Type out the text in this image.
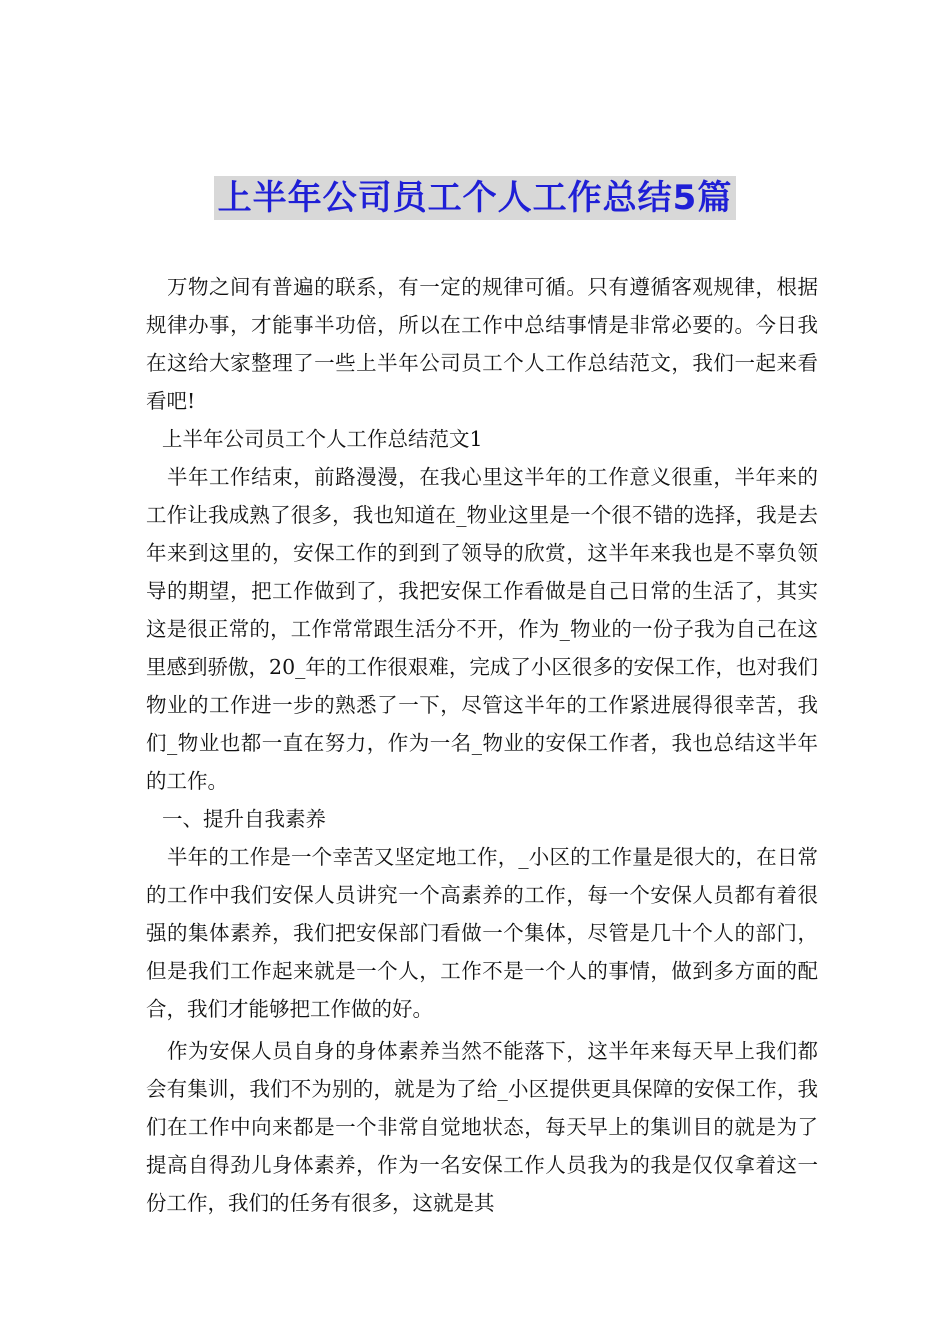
上半年公司员工个人工作总结5篇

万物之间有普遍的联系，有一定的规律可循。只有遵循客观规律，根据规律办事，才能事半功倍，所以在工作中总结事情是非常必要的。今日我在这给大家整理了一些上半年公司员工个人工作总结范文，我们一起来看看吧!

上半年公司员工个人工作总结范文1

半年工作结束，前路漫漫，在我心里这半年的工作意义很重，半年来的工作让我成熟了很多，我也知道在_物业这里是一个很不错的选择，我是去年来到这里的，安保工作的到到了领导的欣赏，这半年来我也是不辜负领导的期望，把工作做到了，我把安保工作看做是自己日常的生活了，其实这是很正常的，工作常常跟生活分不开，作为_物业的一份子我为自己在这里感到骄傲，20_年的工作很艰难，完成了小区很多的安保工作，也对我们物业的工作进一步的熟悉了一下，尽管这半年的工作紧进展得很幸苦，我们_物业也都一直在努力，作为一名_物业的安保工作者，我也总结这半年的工作。

一、提升自我素养

半年的工作是一个幸苦又坚定地工作，_小区的工作量是很大的，在日常的工作中我们安保人员讲究一个高素养的工作，每一个安保人员都有着很强的集体素养，我们把安保部门看做一个集体，尽管是几十个人的部门，但是我们工作起来就是一个人，工作不是一个人的事情，做到多方面的配合，我们才能够把工作做的好。

作为安保人员自身的身体素养当然不能落下，这半年来每天早上我们都会有集训，我们不为别的，就是为了给_小区提供更具保障的安保工作，我们在工作中向来都是一个非常自觉地状态，每天早上的集训目的就是为了提高自得劲儿身体素养，作为一名安保工作人员我为的我是仅仅拿着这一份工作，我们的任务有很多，这就是其
